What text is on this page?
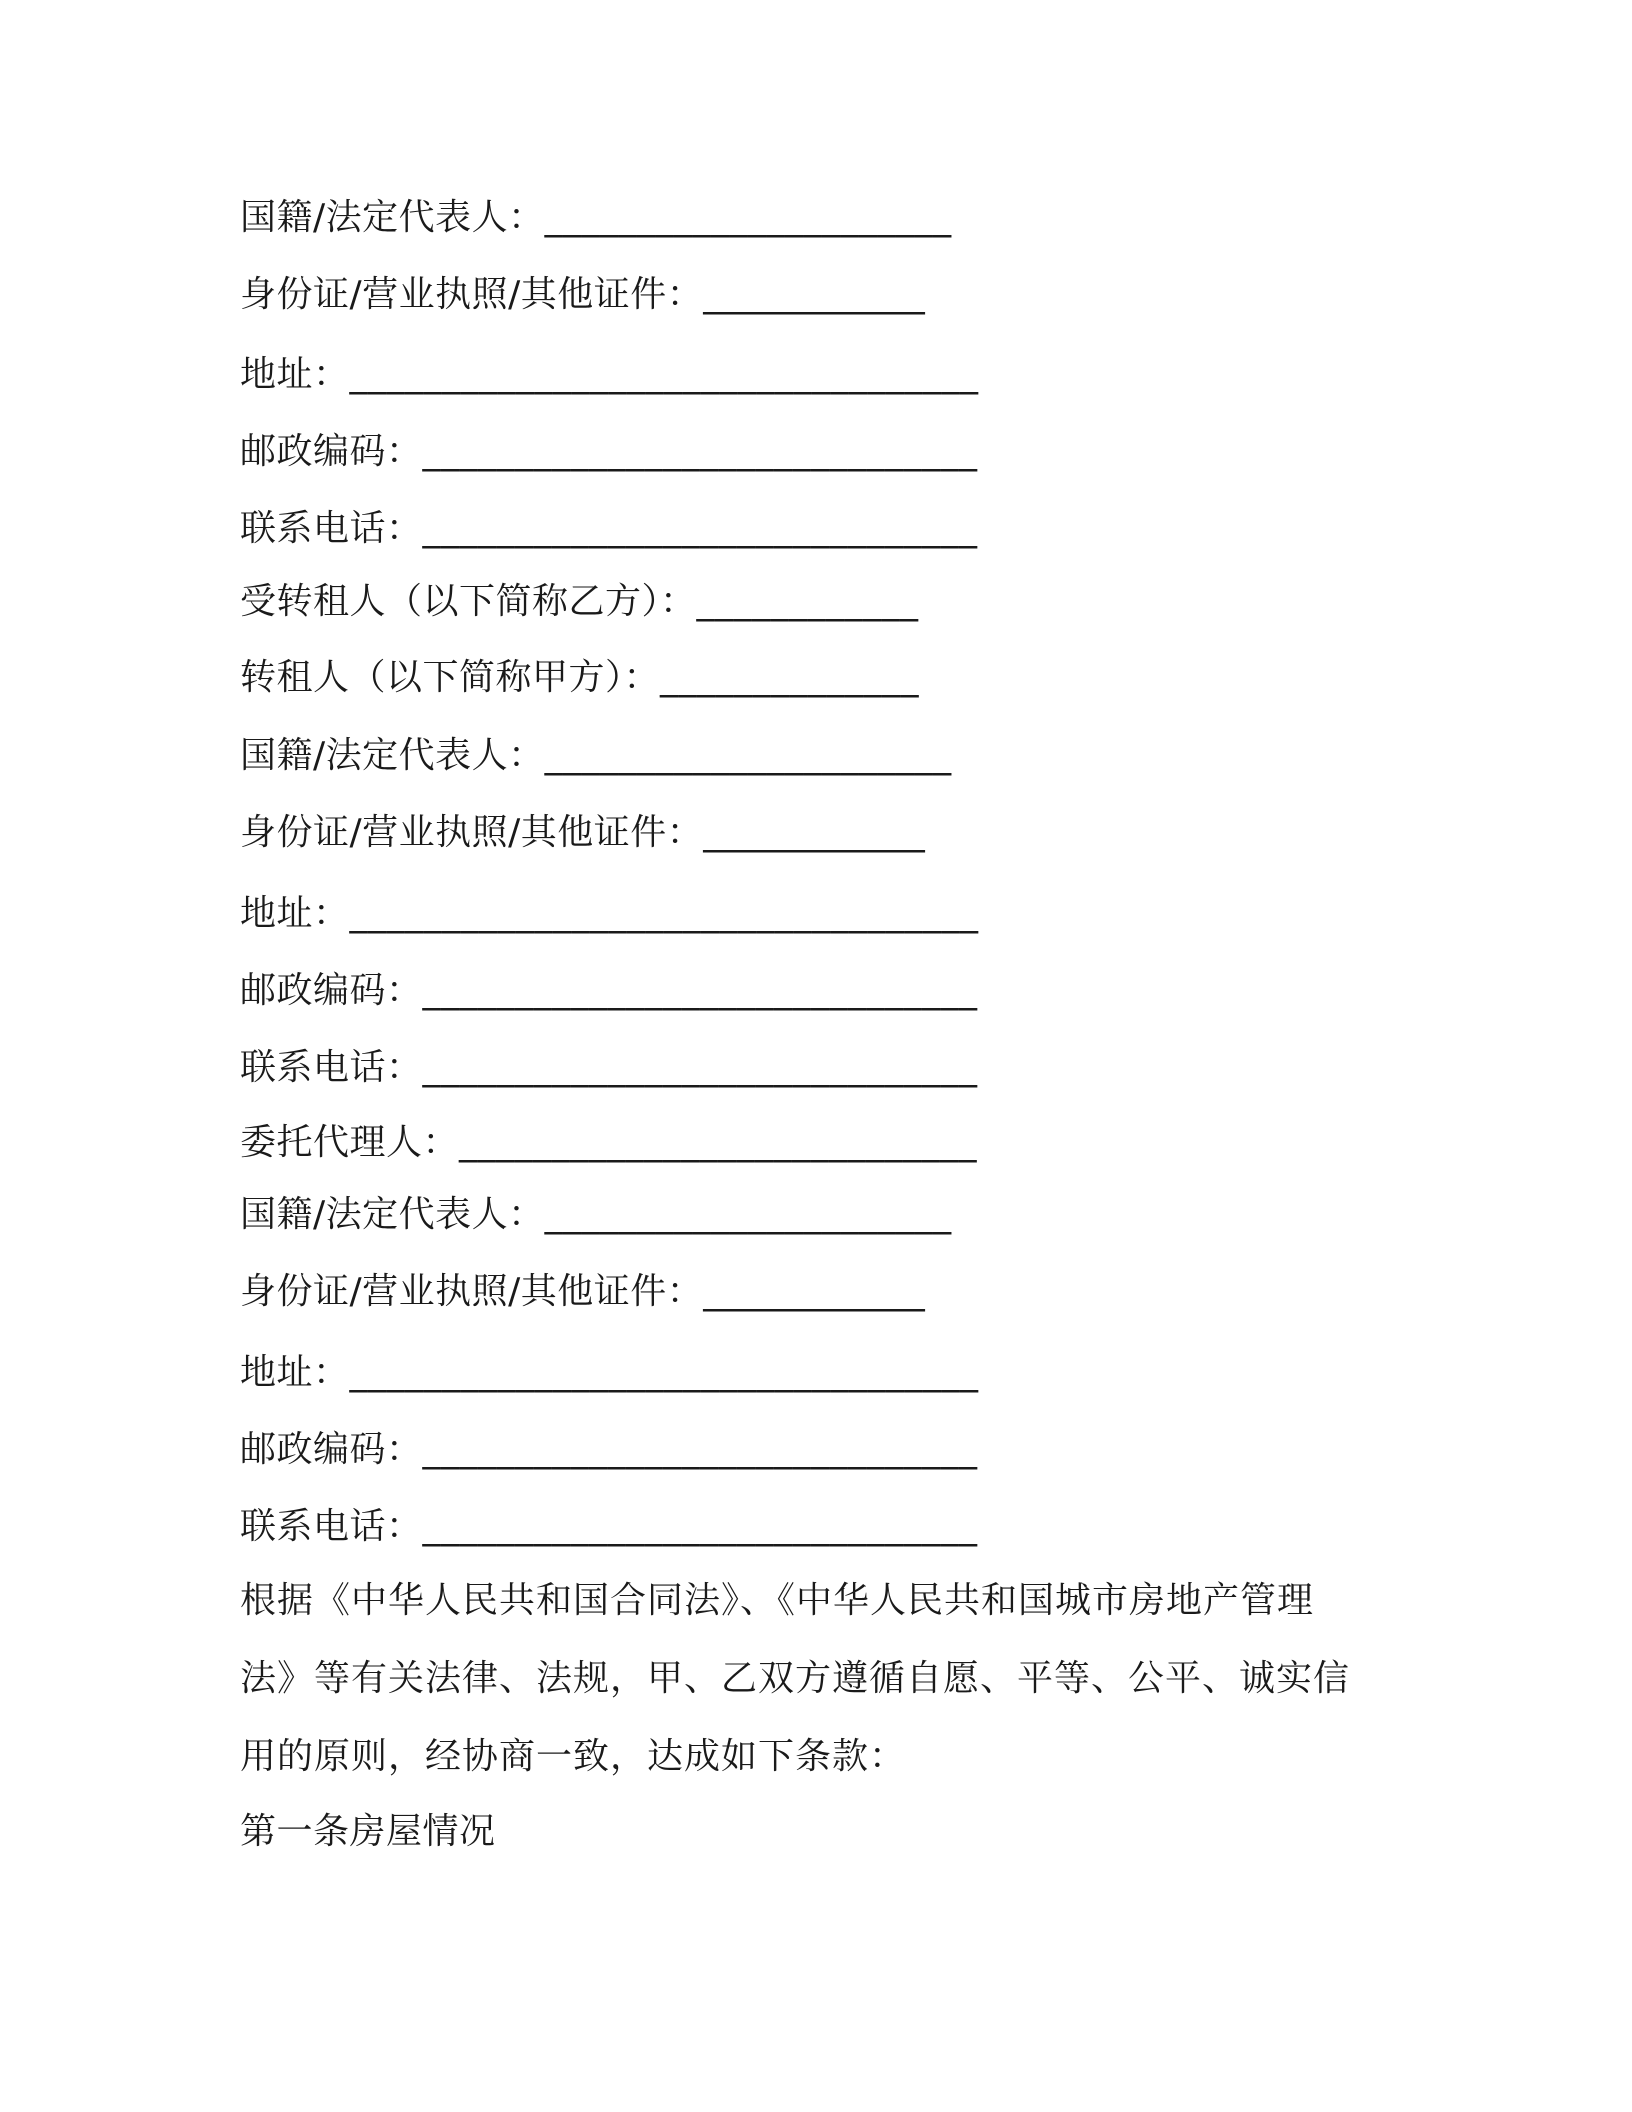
国籍/法定代表人：______________________
身份证/营业执照/其他证件：____________
地址：__________________________________
邮政编码：______________________________
联系电话：______________________________
受转租人（以下简称乙方）：____________
转租人（以下简称甲方）：______________
国籍/法定代表人：______________________
身份证/营业执照/其他证件：____________
地址：__________________________________
邮政编码：______________________________
联系电话：______________________________
委托代理人：____________________________
国籍/法定代表人：______________________
身份证/营业执照/其他证件：____________
地址：__________________________________
邮政编码：______________________________
联系电话：______________________________
根据《中华人民共和国合同法》、《中华人民共和国城市房地产管理法》等有关法律、法规，甲、乙双方遵循自愿、平等、公平、诚实信用的原则，经协商一致，达成如下条款：
第一条房屋情况
